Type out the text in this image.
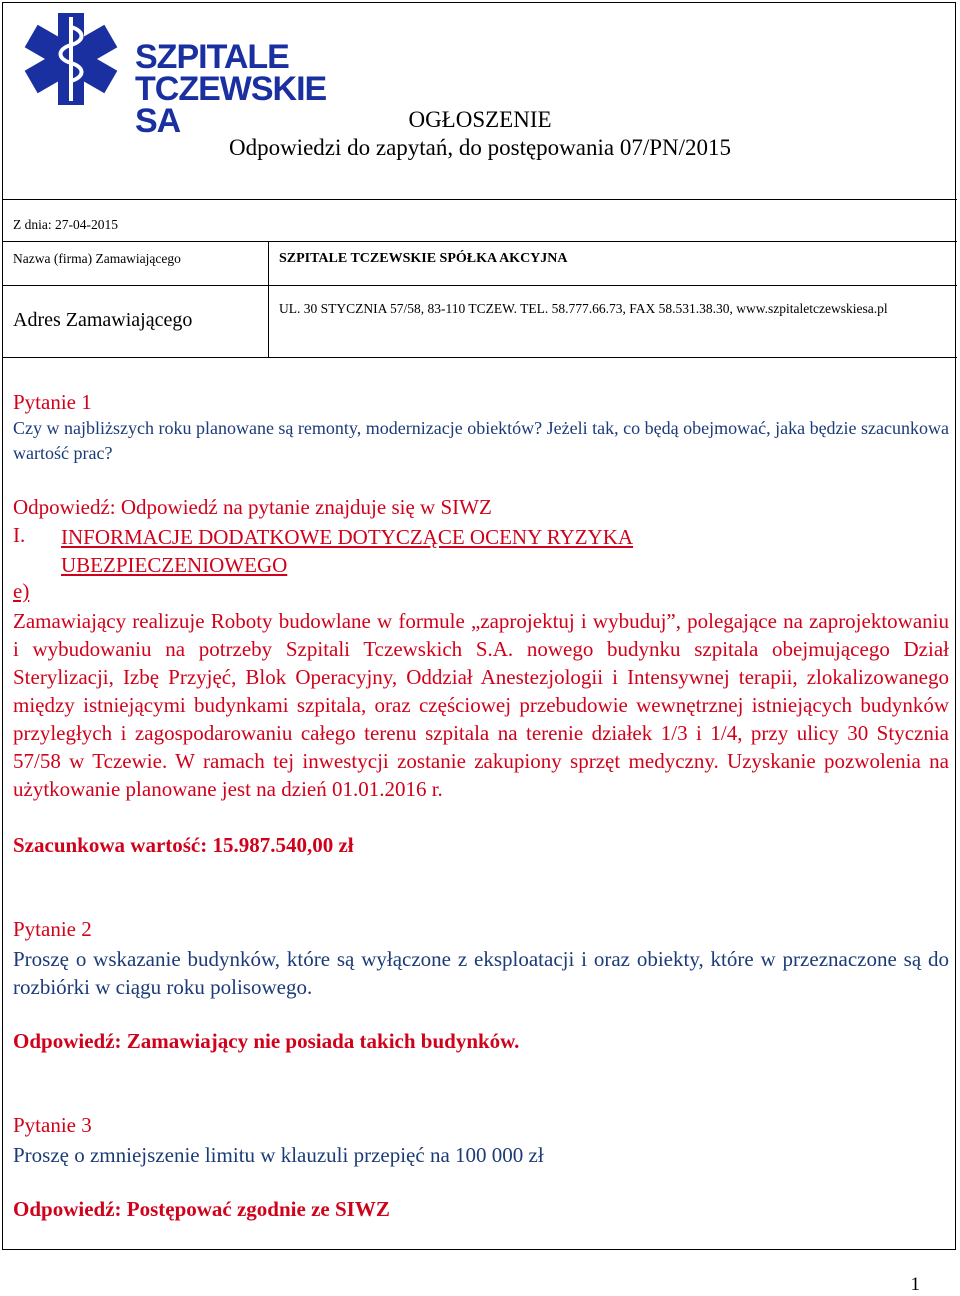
SZPITALE
TCZEWSKIE SA	OGŁOSZENIE
Odpowiedzi do zapytań, do postępowania 07/PN/2015
Z dnia: 27-04-2015
Nazwa (firma) Zamawiającego	SZPITALE TCZEWSKIE SPÓŁKA AKCYJNA
Adres Zamawiającego
UL. 30 STYCZNIA 57/58, 83-110 TCZEW. TEL. 58.777.66.73, FAX 58.531.38.30, www.szpitaletczewskiesa.pl
Pytanie 1
Czy w najbliższych roku planowane są remonty, modernizacje obiektów? Jeżeli tak, co będą obejmować, jaka będzie szacunkowa wartość prac?
Odpowiedź: Odpowiedź na pytanie znajduje się w SIWZ
I. INFORMACJE DODATKOWE DOTYCZĄCE OCENY RYZYKA UBEZPIECZENIOWEGO
e)
Zamawiający realizuje Roboty budowlane w formule „zaprojektuj i wybuduj”, polegające na zaprojektowaniu i wybudowaniu na potrzeby Szpitali Tczewskich S.A. nowego budynku szpitala obejmującego Dział Sterylizacji, Izbę Przyjęć, Blok Operacyjny, Oddział Anestezjologii i Intensywnej terapii, zlokalizowanego między istniejącymi budynkami szpitala, oraz częściowej przebudowie wewnętrznej istniejących budynków przyległych i zagospodarowaniu całego terenu szpitala na terenie działek 1/3 i 1/4, przy ulicy 30 Stycznia 57/58 w Tczewie. W ramach tej inwestycji zostanie zakupiony sprzęt medyczny. Uzyskanie pozwolenia na użytkowanie planowane jest na dzień 01.01.2016 r.
Szacunkowa wartość: 15.987.540,00 zł
Pytanie 2
Proszę o wskazanie budynków, które są wyłączone z eksploatacji i oraz obiekty, które w przeznaczone są do rozbiórki w ciągu roku polisowego.
Odpowiedź: Zamawiający nie posiada takich budynków.
Pytanie 3
Proszę o zmniejszenie limitu w klauzuli przepięć na 100 000 zł
Odpowiedź: Postępować zgodnie ze SIWZ
1
